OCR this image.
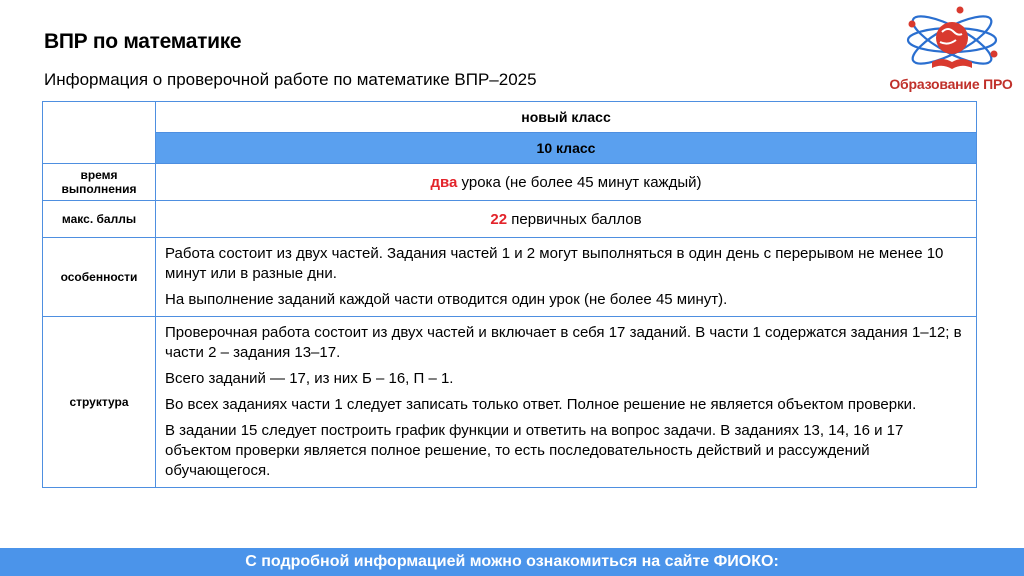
ВПР по математике
Информация о проверочной работе по математике ВПР–2025	Образование ПРО
	новый класс
	10 класс
время выполнения	два урока (не более 45 минут каждый)
макс. баллы	22 первичных баллов
особенности	Работа состоит из двух частей. Задания частей 1 и 2 могут выполняться в один день с перерывом не менее 10 минут или в разные дни.

На выполнение заданий каждой части отводится один урок (не более 45 минут).

структура	Проверочная работа состоит из двух частей и включает в себя 17 заданий. В части 1 содержатся задания 1–12; в части 2 – задания 13–17.

Всего заданий — 17, из них Б – 16, П – 1.

Во всех заданиях части 1 следует записать только ответ. Полное решение не является объектом проверки.

В задании 15 следует построить график функции и ответить на вопрос задачи. В заданиях 13, 14, 16 и 17 объектом проверки является полное решение, то есть последовательность действий и рассуждений обучающегося.

С подробной информацией можно ознакомиться на сайте ФИОКО:
